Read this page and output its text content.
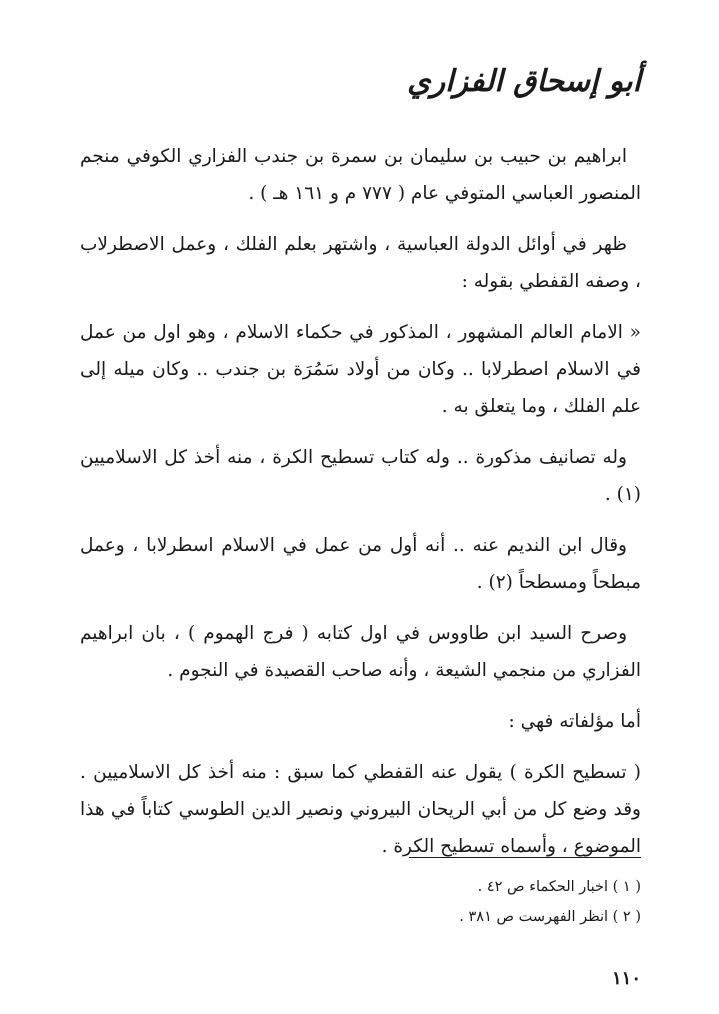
أبو إسحاق الفزاري

ابراهيم بن حبيب بن سليمان بن سمرة بن جندب الفزاري الكوفي منجم المنصور العباسي المتوفي عام ( ٧٧٧ م و ١٦١ هـ ) .

ظهر في أوائل الدولة العباسية ، واشتهر بعلم الفلك ، وعمل الاصطرلاب ، وصفه القفطي بقوله :

« الامام العالم المشهور ، المذكور في حكماء الاسلام ، وهو اول من عمل في الاسلام اصطرلابا .. وكان من أولاد سَمُرَة بن جندب .. وكان ميله إلى علم الفلك ، وما يتعلق به .

وله تصانيف مذكورة .. وله كتاب تسطيح الكرة ، منه أخذ كل الاسلاميين (١) .

وقال ابن النديم عنه .. أنه أول من عمل في الاسلام اسطرلابا ، وعمل مبطحاً ومسطحاً (٢) .

وصرح السيد ابن طاووس في اول كتابه ( فرج الهموم ) ، بان ابراهيم الفزاري من منجمي الشيعة ، وأنه صاحب القصيدة في النجوم .

أما مؤلفاته فهي :

( تسطيح الكرة ) يقول عنه القفطي كما سبق : منه أخذ كل الاسلاميين . وقد وضع كل من أبي الريحان البيروني ونصير الدين الطوسي كتاباً في هذا الموضوع ، وأسماه تسطيح الكرة .

( ١ ) اخبار الحكماء ص ٤٢ .

( ٢ ) انظر الفهرست ص ٣٨١ .

١١٠
